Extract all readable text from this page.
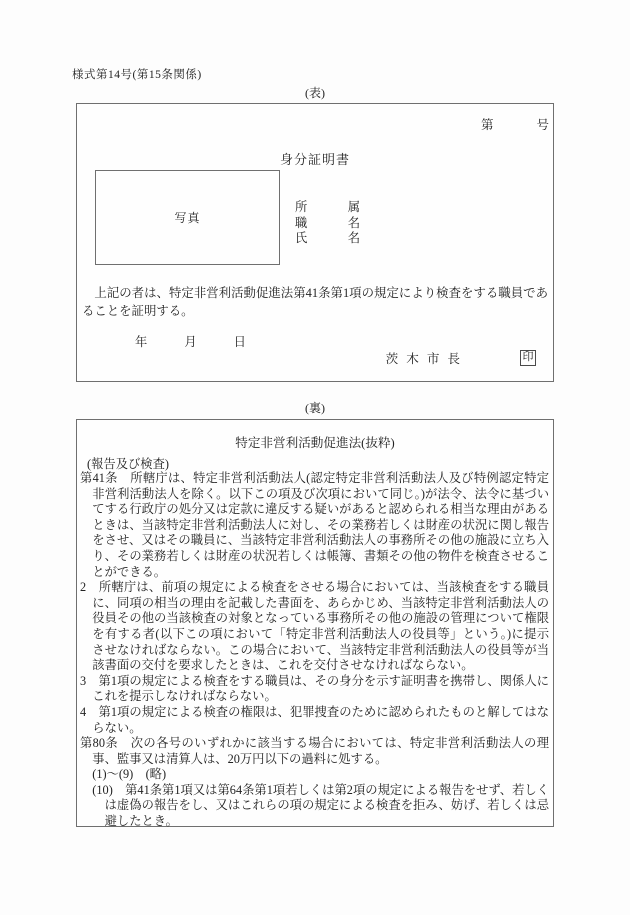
様式第14号(第15条関係)
(表)
第	号
身分証明書
写真
所	属
職	名
氏	名
上記の者は、特定非営利活動促進法第41条第1項の規定により検査をする職員であることを証明する。
年	月	日
茨木市長	印
(裏)
特定非営利活動促進法(抜粋)
(報告及び検査)

第41条　所轄庁は、特定非営利活動法人(認定特定非営利活動法人及び特例認定特定非営利活動法人を除く。以下この項及び次項において同じ。)が法令、法令に基づいてする行政庁の処分又は定款に違反する疑いがあると認められる相当な理由があるときは、当該特定非営利活動法人に対し、その業務若しくは財産の状況に関し報告をさせ、又はその職員に、当該特定非営利活動法人の事務所その他の施設に立ち入り、その業務若しくは財産の状況若しくは帳簿、書類その他の物件を検査させることができる。

2　所轄庁は、前項の規定による検査をさせる場合においては、当該検査をする職員に、同項の相当の理由を記載した書面を、あらかじめ、当該特定非営利活動法人の役員その他の当該検査の対象となっている事務所その他の施設の管理について権限を有する者(以下この項において「特定非営利活動法人の役員等」という。)に提示させなければならない。この場合において、当該特定非営利活動法人の役員等が当該書面の交付を要求したときは、これを交付させなければならない。

3　第1項の規定による検査をする職員は、その身分を示す証明書を携帯し、関係人にこれを提示しなければならない。

4　第1項の規定による検査の権限は、犯罪捜査のために認められたものと解してはならない。

第80条　次の各号のいずれかに該当する場合においては、特定非営利活動法人の理事、監事又は清算人は、20万円以下の過料に処する。

(1)～(9)　(略)

(10)　第41条第1項又は第64条第1項若しくは第2項の規定による報告をせず、若しくは虚偽の報告をし、又はこれらの項の規定による検査を拒み、妨げ、若しくは忌避したとき。
